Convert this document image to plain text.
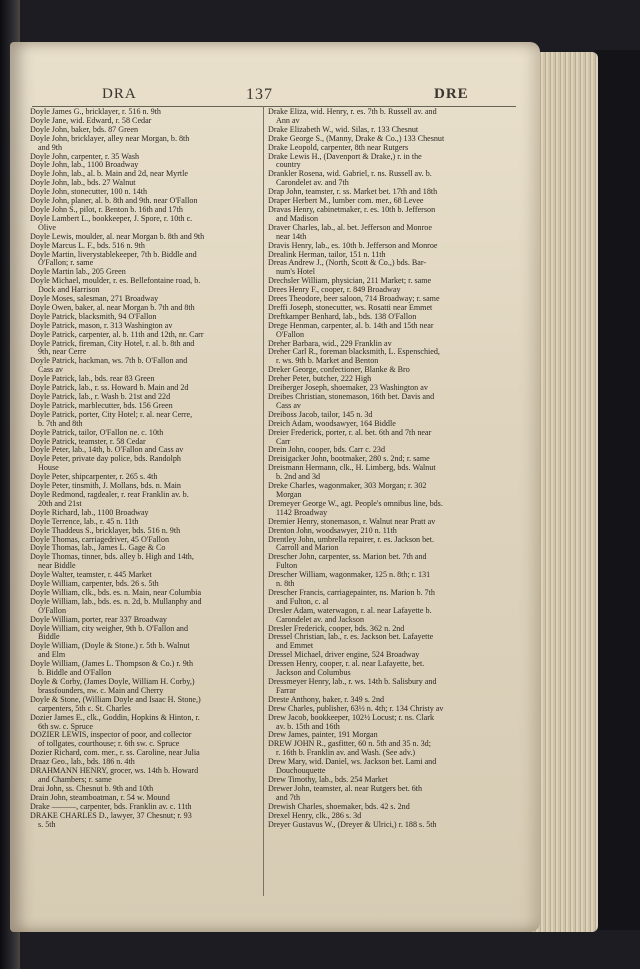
DRA	137	DRE
Doyle James G., bricklayer, r. 516 n. 9th
Doyle Jane, wid. Edward, r. 58 Cedar
Doyle John, baker, bds. 87 Green
Doyle John, bricklayer, alley near Morgan, b. 8th
and 9th
Doyle John, carpenter, r. 35 Wash
Doyle John, lab., 1100 Broadway
Doyle John, lab., al. b. Main and 2d, near Myrtle
Doyle John, lab., bds. 27 Walnut
Doyle John, stonecutter, 100 n. 14th
Doyle John, planer, al. b. 8th and 9th. near O'Fallon
Doyle John S., pilot, r. Benton b. 16th and 17th
Doyle Lambert L., bookkeeper, J. Spore, r. 10th c.
Olive
Doyle Lewis, moulder, al. near Morgan b. 8th and 9th
Doyle Marcus L. F., bds. 516 n. 9th
Doyle Martin, liverystablekeeper, 7th b. Biddle and
O'Fallon; r. same
Doyle Martin lab., 205 Green
Doyle Michael, moulder, r. es. Bellefontaine road, b.
Dock and Harrison
Doyle Moses, salesman, 271 Broadway
Doyle Owen, baker, al. near Morgan b. 7th and 8th
Doyle Patrick, blacksmith, 94 O'Fallon
Doyle Patrick, mason, r. 313 Washington av
Doyle Patrick, carpenter, al. b. 11th and 12th, nr. Carr
Doyle Patrick, fireman, City Hotel, r. al. b. 8th and
9th, near Cerre
Doyle Patrick, hackman, ws. 7th b. O'Fallon and
Cass av
Doyle Patrick, lab., bds. rear 83 Green
Doyle Patrick, lab., r. ss. Howard b. Main and 2d
Doyle Patrick, lab., r. Wash b. 21st and 22d
Doyle Patrick, marblecutter, bds. 156 Green
Doyle Patrick, porter, City Hotel; r. al. near Cerre,
b. 7th and 8th
Doyle Patrick, tailor, O'Fallon ne. c. 10th
Doyle Patrick, teamster, r. 58 Cedar
Doyle Peter, lab., 14th, b. O'Fallon and Cass av
Doyle Peter, private day police, bds. Randolph
House
Doyle Peter, shipcarpenter, r. 265 s. 4th
Doyle Peter, tinsmith, J. Mollans, bds. n. Main
Doyle Redmond, ragdealer, r. rear Franklin av. b.
20th and 21st
Doyle Richard, lab., 1100 Broadway
Doyle Terrence, lab., r. 45 n. 11th
Doyle Thaddeus S., bricklayer, bds. 516 n. 9th
Doyle Thomas, carriagedriver, 45 O'Fallon
Doyle Thomas, lab., James L. Gage & Co
Doyle Thomas, tinner, bds. alley b. High and 14th,
near Biddle
Doyle Walter, teamster, r. 445 Market
Doyle William, carpenter, bds. 26 s. 5th
Doyle William, clk., bds. es. n. Main, near Columbia
Doyle William, lab., bds. es. n. 2d, b. Mullanphy and
O'Fallon
Doyle William, porter, rear 337 Broadway
Doyle William, city weigher, 9th b. O'Fallon and
Biddle
Doyle William, (Doyle & Stone.) r. 5th b. Walnut
and Elm
Doyle William, (James L. Thompson & Co.) r. 9th
b. Biddle and O'Fallon
Doyle & Corby, (James Doyle, William H. Corby,)
brassfounders, nw. c. Main and Cherry
Doyle & Stone, (William Doyle and Isaac H. Stone,)
carpenters, 5th c. St. Charles
Dozier James E., clk., Goddin, Hopkins & Hinton, r.
6th sw. c. Spruce
DOZIER LEWIS, inspector of poor, and collector
of tollgates, courthouse; r. 6th sw. c. Spruce
Dozier Richard, com. mer., r. ss. Caroline, near Julia
Draaz Geo., lab., bds. 186 n. 4th
DRAHMANN HENRY, grocer, ws. 14th b. Howard
and Chambers; r. same
Drai John, ss. Chesnut b. 9th and 10th
Drain John, steamboatman, r. 54 w. Mound
Drake ———, carpenter, bds. Franklin av. c. 11th
DRAKE CHARLES D., lawyer, 37 Chesnut; r. 93
s. 5th
Drake Eliza, wid. Henry, r. es. 7th b. Russell av. and
Ann av
Drake Elizabeth W., wid. Silas, r. 133 Chesnut
Drake George S., (Manny, Drake & Co.,) 133 Chesnut
Drake Leopold, carpenter, 8th near Rutgers
Drake Lewis H., (Davenport & Drake,) r. in the
country
Drankler Rosena, wid. Gabriel, r. ns. Russell av. b.
Carondelet av. and 7th
Drap John, teamster, r. ss. Market bet. 17th and 18th
Draper Herbert M., lumber com. mer., 68 Levee
Dravas Henry, cabinetmaker, r. es. 10th b. Jefferson
and Madison
Draver Charles, lab., al. bet. Jefferson and Monroe
near 14th
Dravis Henry, lab., es. 10th b. Jefferson and Monroe
Drealink Herman, tailor, 151 n. 11th
Dreas Andrew J., (North, Scott & Co.,) bds. Bar-
num's Hotel
Drechsler William, physician, 211 Market; r. same
Drees Henry F., cooper, r. 849 Broadway
Drees Theodore, beer saloon, 714 Broadway; r. same
Dreffi Joseph, stonecutter, ws. Rosatti near Emmet
Dreftkamper Benhard, lab., bds. 138 O'Fallon
Drege Henman, carpenter, al. b. 14th and 15th near
O'Fallon
Dreher Barbara, wid., 229 Franklin av
Dreher Carl R., foreman blacksmith, L. Espenschied,
r. ws. 9th b. Market and Benton
Dreker George, confectioner, Blanke & Bro
Dreher Peter, butcher, 222 High
Dreiberger Joseph, shoemaker, 23 Washington av
Dreibes Christian, stonemason, 16th bet. Davis and
Cass av
Dreiboss Jacob, tailor, 145 n. 3d
Dreich Adam, woodsawyer, 164 Biddle
Dreier Frederick, porter, r. al. bet. 6th and 7th near
Carr
Drein John, cooper, bds. Carr c. 23d
Dreisigacker John, bootmaker, 280 s. 2nd; r. same
Dreismann Hermann, clk., H. Limberg, bds. Walnut
b. 2nd and 3d
Dreke Charles, wagonmaker, 303 Morgan; r. 302
Morgan
Dremeyer George W., agt. People's omnibus line, bds.
1142 Broadway
Dremier Henry, stonemason, r. Walnut near Pratt av
Drenton John, woodsawyer, 210 n. 11th
Drentley John, umbrella repairer, r. es. Jackson bet.
Carroll and Marion
Drescher John, carpenter, ss. Marion bet. 7th and
Fulton
Drescher William, wagonmaker, 125 n. 8th; r. 131
n. 8th
Drescher Francis, carriagepainter, ns. Marion b. 7th
and Fulton, c. al
Dresler Adam, waterwagon, r. al. near Lafayette b.
Carondelet av. and Jackson
Dresler Frederick, cooper, bds. 362 n. 2nd
Dressel Christian, lab., r. es. Jackson bet. Lafayette
and Emmet
Dressel Michael, driver engine, 524 Broadway
Dressen Henry, cooper, r. al. near Lafayette, bet.
Jackson and Columbus
Dressmeyer Henry, lab., r. ws. 14th b. Salisbury and
Farrar
Dreste Anthony, baker, r. 349 s. 2nd
Drew Charles, publisher, 63½ n. 4th; r. 134 Christy av
Drew Jacob, bookkeeper, 102½ Locust; r. ns. Clark
av. b. 15th and 16th
Drew James, painter, 191 Morgan
DREW JOHN R., gasfitter, 60 n. 5th and 35 n. 3d;
r. 16th b. Franklin av. and Wash. (See adv.)
Drew Mary, wid. Daniel, ws. Jackson bet. Lami and
Douchouquette
Drew Timothy, lab., bds. 254 Market
Drewer John, teamster, al. near Rutgers bet. 6th
and 7th
Drewish Charles, shoemaker, bds. 42 s. 2nd
Drexel Henry, clk., 286 s. 3d
Dreyer Gustavus W., (Dreyer & Ulrici,) r. 188 s. 5th
